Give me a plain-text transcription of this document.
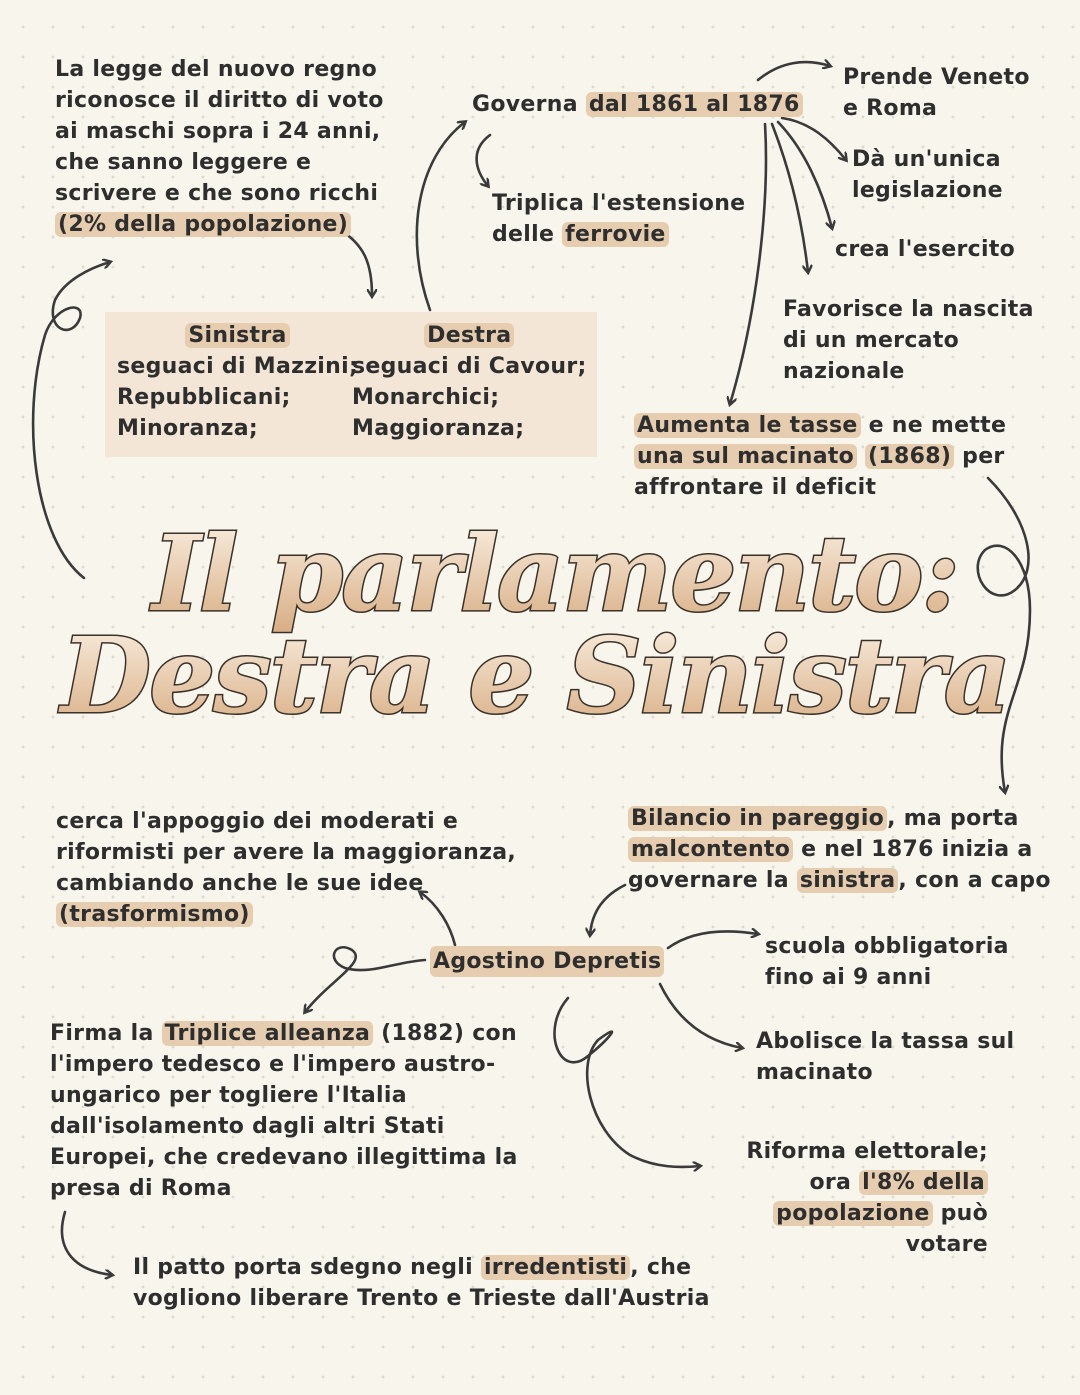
La legge del nuovo regno
riconosce il diritto di voto
ai maschi sopra i 24 anni,
che sanno leggere e
scrivere e che sono ricchi
(2% della popolazione)
Sinistra
seguaci di Mazzini;
Repubblicani;
Minoranza;
Destra
seguaci di Cavour;
Monarchici;
Maggioranza;
Governa dal 1861 al 1876
Triplica l'estensione
delle ferrovie
Prende Veneto
e Roma
Dà un'unica
legislazione
crea l'esercito
Favorisce la nascita
di un mercato
nazionale
Aumenta le tasse e ne mette
una sul macinato (1868) per
affrontare il deficit
Il parlamento:
Destra e Sinistra
Bilancio in pareggio , ma porta
malcontento e nel 1876 inizia a
governare la sinistra , con a capo
cerca l'appoggio dei moderati e
riformisti per avere la maggioranza,
cambiando anche le sue idee
(trasformismo)
Agostino Depretis
scuola obbligatoria
fino ai 9 anni
Abolisce la tassa sul
macinato
Riforma elettorale;
ora l'8% della
popolazione può
votare
Firma la Triplice alleanza (1882) con
l'impero tedesco e l'impero austro-
ungarico per togliere l'Italia
dall'isolamento dagli altri Stati
Europei, che credevano illegittima la
presa di Roma
Il patto porta sdegno negli irredentisti , che
vogliono liberare Trento e Trieste dall'Austria
